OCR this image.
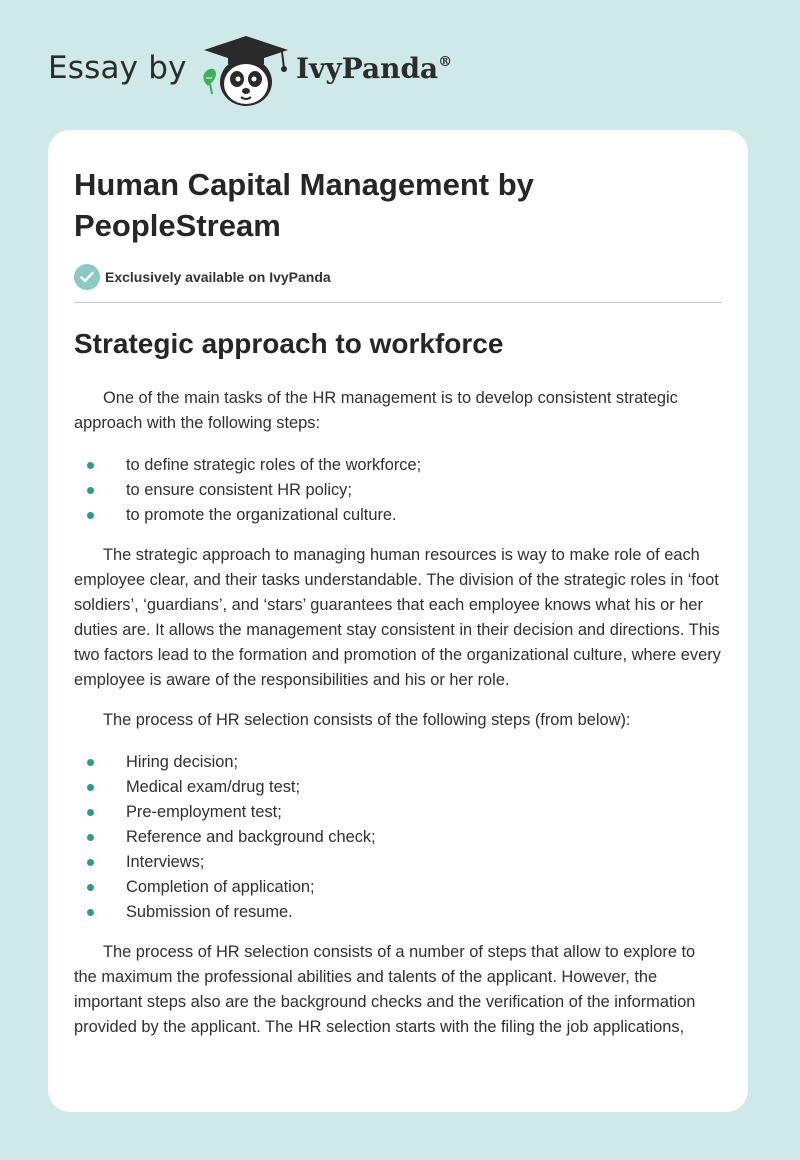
Essay by	IvyPanda®
Human Capital Management by PeopleStream
Exclusively available on IvyPanda
Strategic approach to workforce

One of the main tasks of the HR management is to develop consistent strategic approach with the following steps:

to define strategic roles of the workforce;
to ensure consistent HR policy;
to promote the organizational culture.

The strategic approach to managing human resources is way to make role of each employee clear, and their tasks understandable. The division of the strategic roles in ‘foot soldiers’, ‘guardians’, and ‘stars’ guarantees that each employee knows what his or her duties are. It allows the management stay consistent in their decision and directions. This two factors lead to the formation and promotion of the organizational culture, where every employee is aware of the responsibilities and his or her role.

The process of HR selection consists of the following steps (from below):

Hiring decision;
Medical exam/drug test;
Pre-employment test;
Reference and background check;
Interviews;
Completion of application;
Submission of resume.

The process of HR selection consists of a number of steps that allow to explore to the maximum the professional abilities and talents of the applicant. However, the important steps also are the background checks and the verification of the information provided by the applicant. The HR selection starts with the filing the job applications,
